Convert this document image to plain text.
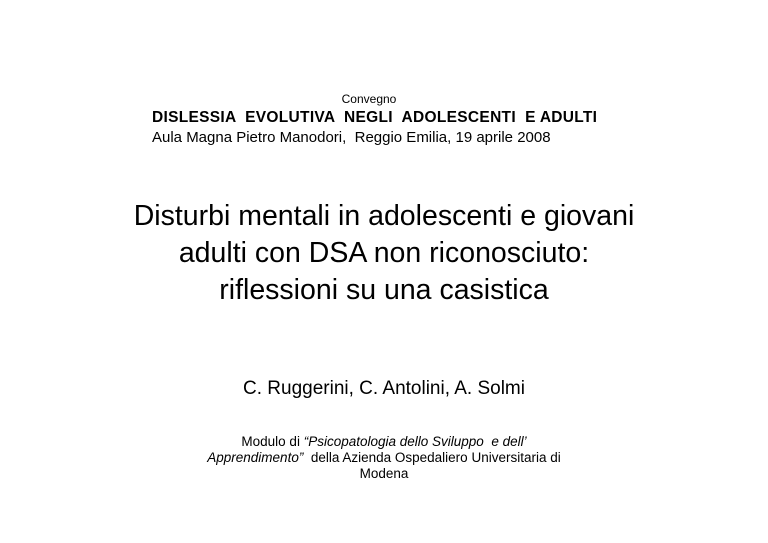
Convegno
DISLESSIA  EVOLUTIVA  NEGLI  ADOLESCENTI  E ADULTI
Aula Magna Pietro Manodori,  Reggio Emilia, 19 aprile 2008
Disturbi mentali in adolescenti e giovani
adulti con DSA non riconosciuto:
riflessioni su una casistica
C. Ruggerini, C. Antolini, A. Solmi
Modulo di “Psicopatologia dello Sviluppo  e dell’
Apprendimento”  della Azienda Ospedaliero Universitaria di
Modena
